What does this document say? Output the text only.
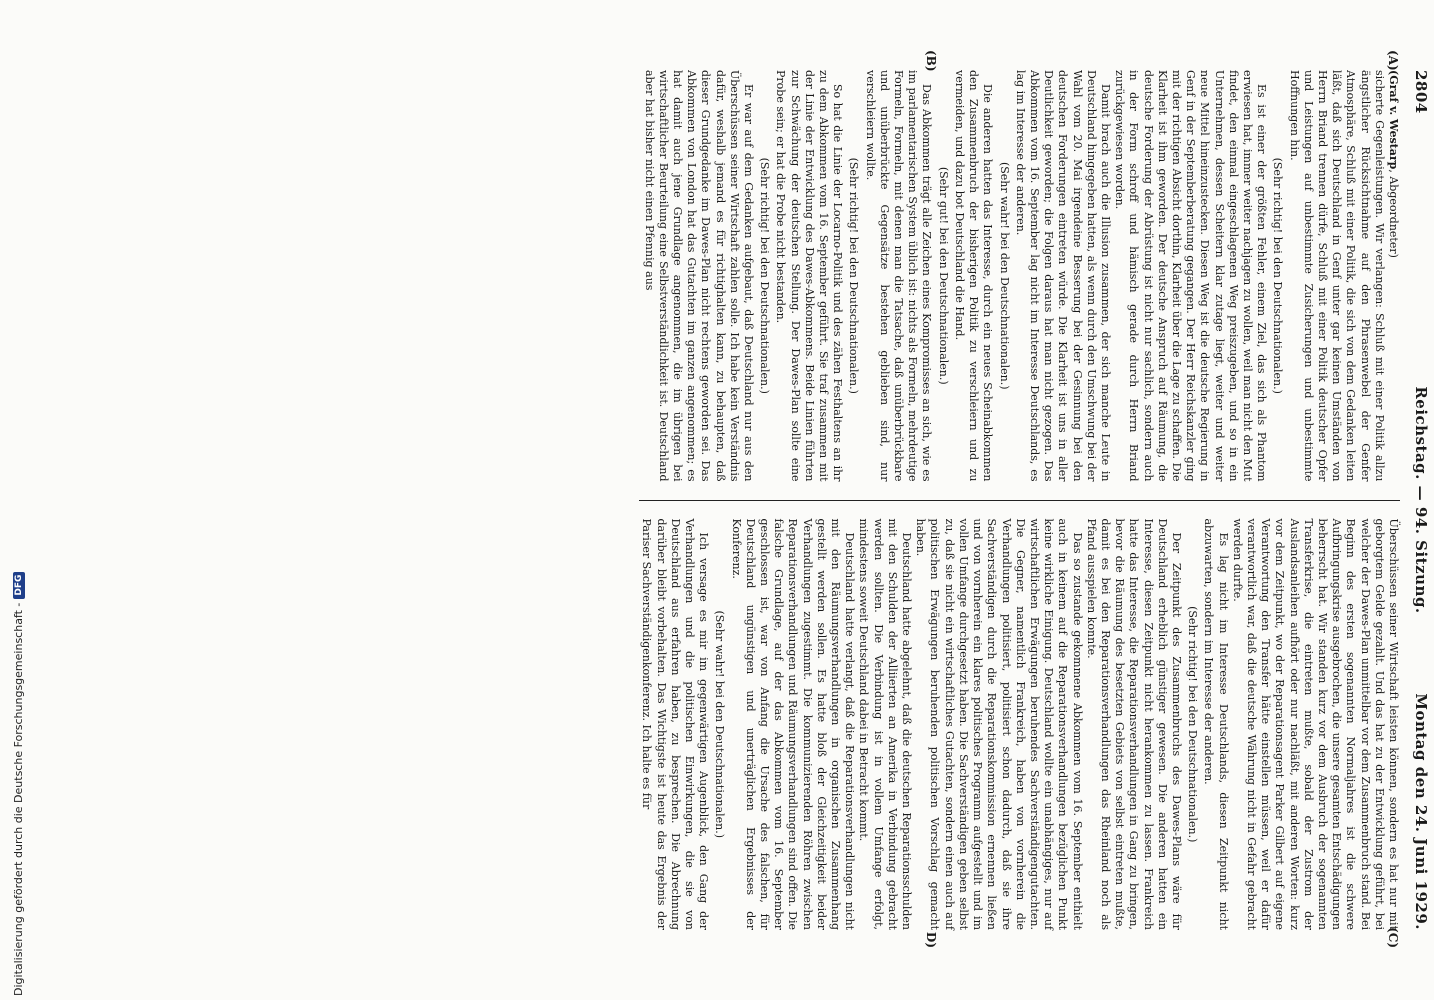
2804
Reichstag. — 94. Sitzung.
Montag den 24. Juni 1929.
(A)
(B)

(Graf v. Westarp, Abgeordneter)

sicherte Gegenleistungen. Wir verlangen: Schluß mit einer Politik allzu ängstlicher Rücksichtnahme auf den Phrasenwebel der Genfer Atmosphäre, Schluß mit einer Politik, die sich von dem Gedanken leiten läßt, daß sich Deutschland in Genf unter gar keinen Umständen von Herrn Briand trennen dürfe, Schluß mit einer Politik deutscher Opfer und Leistungen auf unbestimmte Zusicherungen und unbestimmte Hoffnungen hin.

(Sehr richtig! bei den Deutschnationalen.)

Es ist einer der größten Fehler, einem Ziel, das sich als Phantom erwiesen hat, immer weiter nachjagen zu wollen, weil man nicht den Mut findet, den einmal eingeschlagenen Weg preiszugeben, und so in ein Unternehmen, dessen Scheitern klar zutage liegt, weiter und weiter neue Mittel hineinzustecken. Diesen Weg ist die deutsche Regierung in Genf in der Septemberberatung gegangen. Der Herr Reichskanzler ging mit der richtigen Absicht dorthin, Klarheit über die Lage zu schaffen. Die Klarheit ist ihm geworden. Der deutsche Anspruch auf Räumung, die deutsche Forderung der Abrüstung ist nicht nur sachlich, sondern auch in der Form schroff und hämisch gerade durch Herrn Briand zurückgewiesen worden.

Damit brach auch die Illusion zusammen, der sich manche Leute in Deutschland hingegeben hatten, als wenn durch den Umschwung bei der Wahl vom 20. Mai irgendeine Besserung bei der Gesinnung bei den deutschen Forderungen eintreten würde. Die Klarheit ist uns in aller Deutlichkeit geworden; die Folgen daraus hat man nicht gezogen. Das Abkommen vom 16. September lag nicht im Interesse Deutschlands, es lag im Interesse der anderen.

(Sehr wahr! bei den Deutschnationalen.)

Die anderen hatten das Interesse, durch ein neues Scheinabkommen den Zusammenbruch der bisherigen Politik zu verschleiern und zu vermeiden, und dazu bot Deutschland die Hand.

(Sehr gut! bei den Deutschnationalen.)

Das Abkommen trägt alle Zeichen eines Kompromisses an sich, wie es im parlamentarischen System üblich ist: nichts als Formeln, mehrdeutige Formeln, Formeln, mit denen man die Tatsache, daß unüberbrückbare und unüberbrückte Gegensätze bestehen geblieben sind, nur verschleiern wollte.

(Sehr richtig! bei den Deutschnationalen.)

So hat die Linie der Locarno-Politik und des zähen Festhaltens an ihr zu dem Abkommen vom 16. September geführt. Sie traf zusammen mit der Linie der Entwicklung des Dawes-Abkommens. Beide Linien führten zur Schwächung der deutschen Stellung. Der Dawes-Plan sollte eine Probe sein; er hat die Probe nicht bestanden.

(Sehr richtig! bei den Deutschnationalen.)

Er war auf dem Gedanken aufgebaut, daß Deutschland nur aus den Überschüssen seiner Wirtschaft zahlen solle. Ich habe kein Verständnis dafür, weshalb jemand es für richtighalten kann, zu behaupten, daß dieser Grundgedanke im Dawes-Plan nicht rechtens geworden sei. Das Abkommen von London hat das Gutachten im ganzen angenommen; es hat damit auch jene Grundlage angenommen, die im übrigen bei wirtschaftlicher Beurteilung eine Selbstverständlichkeit ist. Deutschland aber hat bisher nicht einen Pfennig aus

(C)
D)

Überschüssen seiner Wirtschaft leisten können, sondern es hat nur mit geborgtem Gelde gezahlt. Und das hat zu der Entwicklung geführt, bei welcher der Dawes-Plan unmittelbar vor dem Zusammenbruch stand. Bei Beginn des ersten sogenannten Normaljahres ist die schwere Aufbringungskrise ausgebrochen, die unsere gesamten Entschädigungen beherrscht hat. Wir standen kurz vor dem Ausbruch der sogenannten Transferkrise, die eintreten mußte, sobald der Zustrom der Auslandsanleihen aufhört oder nur nachläßt, mit anderen Worten: kurz vor dem Zeitpunkt, wo der Reparationsagent Parker Gilbert auf eigene Verantwortung den Transfer hätte einstellen müssen, weil er dafür verantwortlich war, daß die deutsche Währung nicht in Gefahr gebracht werden durfte.

Es lag nicht im Interesse Deutschlands, diesen Zeitpunkt nicht abzuwarten, sondern im Interesse der anderen.

(Sehr richtig! bei den Deutschnationalen.)

Der Zeitpunkt des Zusammenbruchs des Dawes-Plans wäre für Deutschland erheblich günstiger gewesen. Die anderen hatten ein Interesse, diesen Zeitpunkt nicht herankommen zu lassen. Frankreich hatte das Interesse, die Reparationsverhandlungen in Gang zu bringen, bevor die Räumung des besetzten Gebiets von selbst eintreten mußte, damit es bei den Reparationsverhandlungen das Rheinland noch als Pfand ausspielen konnte.

Das so zustande gekommene Abkommen vom 16. September enthielt auch in keinem auf die Reparationsverhandlungen bezüglichen Punkt keine wirkliche Einigung. Deutschland wollte ein unabhängiges, nur auf wirtschaftlichen Erwägungen beruhendes Sachverständigengutachten. Die Gegner, namentlich Frankreich, haben von vornherein die Verhandlungen politisiert, politisiert schon dadurch, daß sie ihre Sachverständigen durch die Reparationskommission ernennen ließen und von vornherein ein klares politisches Programm aufgestellt und im vollen Umfange durchgesetzt haben. Die Sachverständigen geben selbst zu, daß sie nicht ein wirtschaftliches Gutachten, sondern einen auch auf politischen Erwägungen beruhenden politischen Vorschlag gemacht haben.

Deutschland hatte abgelehnt, daß die deutschen Reparationsschulden mit den Schulden der Alliierten an Amerika in Verbindung gebracht werden sollten. Die Verbindung ist in vollem Umfange erfolgt, mindestens soweit Deutschland dabei in Betracht kommt.

Deutschland hatte verlangt, daß die Reparationsverhandlungen nicht mit den Räumungsverhandlungen in organischen Zusammenhang gestellt werden sollen. Es hatte bloß der Gleichzeitigkeit beider Verhandlungen zugestimmt. Die kommunizierenden Röhren zwischen Reparationsverhandlungen und Räumungsverhandlungen sind offen. Die falsche Grundlage, auf der das Abkommen vom 16. September geschlossen ist, war von Anfang die Ursache des falschen, für Deutschland ungünstigen und unerträglichen Ergebnisses der Konferenz.

(Sehr wahr! bei den Deutschnationalen.)

Ich versage es mir im gegenwärtigen Augenblick, den Gang der Verhandlungen und die politischen Einwirkungen, die sie von Deutschland aus erfahren haben, zu besprechen. Die Abrechnung darüber bleibt vorbehalten. Das Wichtigste ist heute das Ergebnis der Pariser Sachverständigenkonferenz. Ich halte es für

Digitalisierung gefördert durch die Deutsche Forschungsgemeinschaft -
DFG
